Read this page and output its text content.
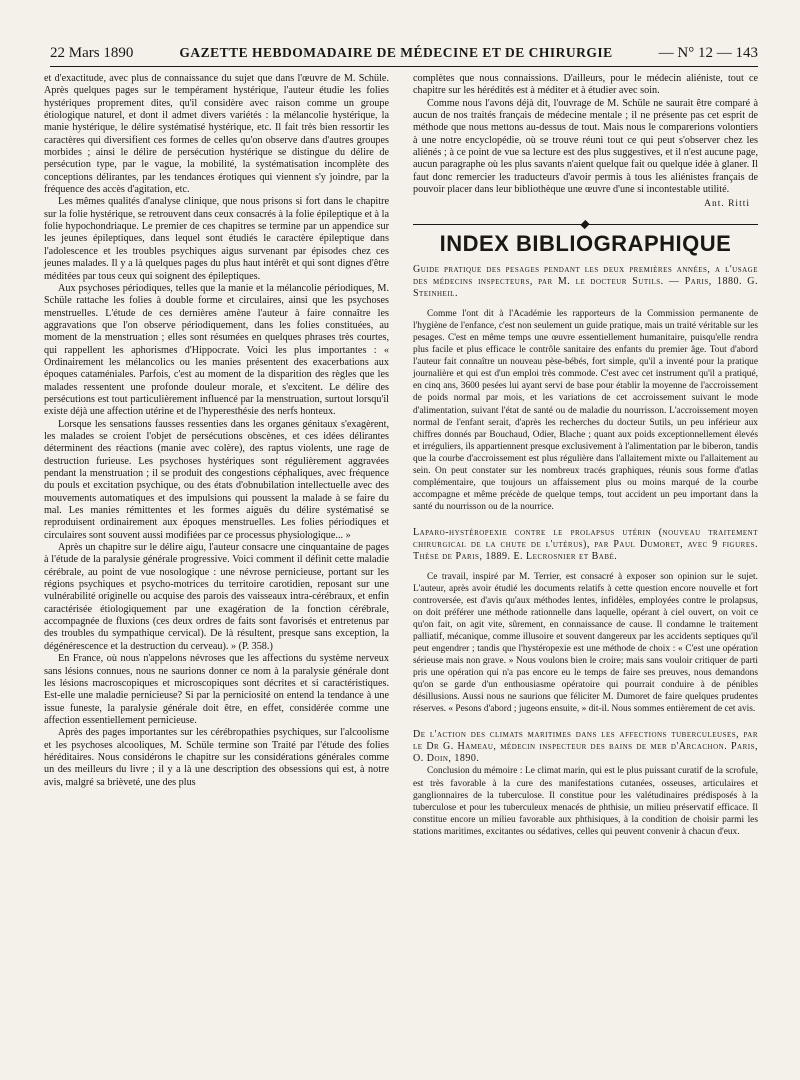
22 Mars 1890	GAZETTE HEBDOMADAIRE DE MÉDECINE ET DE CHIRURGIE	— N° 12 — 143

et d'exactitude, avec plus de connaissance du sujet que dans l'œuvre de M. Schüle. Après quelques pages sur le tempérament hystérique, l'auteur étudie les folies hystériques proprement dites, qu'il considère avec raison comme un groupe étiologique naturel, et dont il admet divers variétés : la mélancolie hystérique, la manie hystérique, le délire systématisé hystérique, etc. Il fait très bien ressortir les caractères qui diversifient ces formes de celles qu'on observe dans d'autres groupes morbides ; ainsi le délire de persécution hystérique se distingue du délire de persécution type, par le vague, la mobilité, la systématisation incomplète des conceptions délirantes, par les tendances érotiques qui viennent s'y joindre, par la fréquence des accès d'agitation, etc.

Les mêmes qualités d'analyse clinique, que nous prisons si fort dans le chapitre sur la folie hystérique, se retrouvent dans ceux consacrés à la folie épileptique et à la folie hypochondriaque. Le premier de ces chapitres se termine par un appendice sur les jeunes épileptiques, dans lequel sont étudiés le caractère épileptique dans l'adolescence et les troubles psychiques aigus survenant par épisodes chez ces jeunes malades. Il y a là quelques pages du plus haut intérêt et qui sont dignes d'être méditées par tous ceux qui soignent des épileptiques.

Aux psychoses périodiques, telles que la manie et la mélancolie périodiques, M. Schüle rattache les folies à double forme et circulaires, ainsi que les psychoses menstruelles. L'étude de ces dernières amène l'auteur à faire connaître les aggravations que l'on observe périodiquement, dans les folies constituées, au moment de la menstruation ; elles sont résumées en quelques phrases très courtes, qui rappellent les aphorismes d'Hippocrate. Voici les plus importantes : « Ordinairement les mélancolics ou les manies présentent des exacerbations aux époques cataméniales. Parfois, c'est au moment de la disparition des règles que les malades ressentent une profonde douleur morale, et s'excitent. Le délire des persécutions est tout particulièrement influencé par la menstruation, surtout lorsqu'il existe déjà une affection utérine et de l'hyperesthésie des nerfs honteux.

Lorsque les sensations fausses ressenties dans les organes génitaux s'exagèrent, les malades se croient l'objet de persécutions obscènes, et ces idées délirantes déterminent des réactions (manie avec colère), des raptus violents, une rage de destruction furieuse. Les psychoses hystériques sont régulièrement aggravées pendant la menstruation ; il se produit des congestions céphaliques, avec fréquence du pouls et excitation psychique, ou des états d'obnubilation intellectuelle avec des mouvements automatiques et des impulsions qui poussent la malade à se faire du mal. Les manies rémittentes et les formes aiguës du délire systématisé se reproduisent ordinairement aux époques menstruelles. Les folies périodiques et circulaires sont souvent aussi modifiées par ce processus physiologique... »

Après un chapitre sur le délire aigu, l'auteur consacre une cinquantaine de pages à l'étude de la paralysie générale progressive. Voici comment il définit cette maladie cérébrale, au point de vue nosologique : une névrose pernicieuse, portant sur les régions psychiques et psycho-motrices du territoire carotidien, reposant sur une vulnérabilité originelle ou acquise des parois des vaisseaux intra-cérébraux, et enfin caractérisée étiologiquement par une exagération de la fonction cérébrale, accompagnée de fluxions (ces deux ordres de faits sont favorisés et entretenus par des troubles du sympathique cervical). De là résultent, presque sans exception, la dégénérescence et la destruction du cerveau). » (P. 358.)

En France, où nous n'appelons névroses que les affections du système nerveux sans lésions connues, nous ne saurions donner ce nom à la paralysie générale dont les lésions macroscopiques et microscopiques sont décrites et si caractéristiques. Est-elle une maladie pernicieuse? Si par la perniciosité on entend la tendance à une issue funeste, la paralysie générale doit être, en effet, considérée comme une affection essentiellement pernicieuse.

Après des pages importantes sur les cérébropathies psychiques, sur l'alcoolisme et les psychoses alcooliques, M. Schüle termine son Traité par l'étude des folies héréditaires. Nous considérons le chapitre sur les considérations générales comme un des meilleurs du livre ; il y a là une description des obsessions qui est, à notre avis, malgré sa brièveté, une des plus

complètes que nous connaissions. D'ailleurs, pour le médecin aliéniste, tout ce chapitre sur les hérédités est à méditer et à étudier avec soin.

Comme nous l'avons déjà dit, l'ouvrage de M. Schüle ne saurait être comparé à aucun de nos traités français de médecine mentale ; il ne présente pas cet esprit de méthode que nous mettons au-dessus de tout. Mais nous le comparerions volontiers à une notre encyclopédie, où se trouve réuni tout ce qui peut s'observer chez les aliénés ; à ce point de vue sa lecture est des plus suggestives, et il n'est aucune page, aucun paragraphe où les plus savants n'aient quelque fait ou quelque idée à glaner. Il faut donc remercier les traducteurs d'avoir permis à tous les aliénistes français de pouvoir placer dans leur bibliothèque une œuvre d'une si incontestable utilité.

Ant. Ritti
INDEX BIBLIOGRAPHIQUE

Guide pratique des pesages pendant les deux premières années, a l'usage des médecins inspecteurs, par M. le docteur Sutils. — Paris, 1880. G. Steinheil.

Comme l'ont dit à l'Académie les rapporteurs de la Commission permanente de l'hygiène de l'enfance, c'est non seulement un guide pratique, mais un traité véritable sur les pesages. C'est en même temps une œuvre essentiellement humanitaire, puisqu'elle rendra plus facile et plus efficace le contrôle sanitaire des enfants du premier âge. Tout d'abord l'auteur fait connaître un nouveau pèse-bébés, fort simple, qu'il a inventé pour la pratique journalière et qui est d'un emploi très commode. C'est avec cet instrument qu'il a pratiqué, en cinq ans, 3600 pesées lui ayant servi de base pour établir la moyenne de l'accroissement de poids normal par mois, et les variations de cet accroissement suivant le mode d'alimentation, suivant l'état de santé ou de maladie du nourrisson. L'accroissement moyen normal de l'enfant serait, d'après les recherches du docteur Sutils, un peu inférieur aux chiffres donnés par Bouchaud, Odier, Blache ; quant aux poids exceptionnellement élevés et irréguliers, ils appartiennent presque exclusivement à l'alimentation par le biberon, tandis que la courbe d'accroissement est plus régulière dans l'allaitement mixte ou l'allaitement au sein. On peut constater sur les nombreux tracés graphiques, réunis sous forme d'atlas complémentaire, que toujours un affaissement plus ou moins marqué de la courbe accompagne et même précède de quelque temps, tout accident un peu important dans la santé du nourrisson ou de la nourrice.

Laparo-hystéropexie contre le prolapsus utérin (nouveau traitement chirurgical de la chute de l'utérus), par Paul Dumoret, avec 9 figures. Thèse de Paris, 1889. E. Lecrosnier et Babé.

Ce travail, inspiré par M. Terrier, est consacré à exposer son opinion sur le sujet. L'auteur, après avoir étudié les documents relatifs à cette question encore nouvelle et fort controversée, est d'avis qu'aux méthodes lentes, infidèles, employées contre le prolapsus, on doit préférer une méthode rationnelle dans laquelle, opérant à ciel ouvert, on voit ce qu'on fait, on agit vite, sûrement, en connaissance de cause. Il condamne le traitement palliatif, mécanique, comme illusoire et souvent dangereux par les accidents septiques qu'il peut engendrer ; tandis que l'hystéropexie est une méthode de choix : « C'est une opération sérieuse mais non grave. » Nous voulons bien le croire; mais sans vouloir critiquer de parti pris une opération qui n'a pas encore eu le temps de faire ses preuves, nous demandons qu'on se garde d'un enthousiasme opératoire qui pourrait conduire à de pénibles désillusions. Aussi nous ne saurions que féliciter M. Dumoret de faire quelques prudentes réserves. « Pesons d'abord ; jugeons ensuite, » dit-il. Nous sommes entièrement de cet avis.

De l'action des climats maritimes dans les affections tuberculeuses, par le Dr G. Hameau, médecin inspecteur des bains de mer d'Arcachon. Paris, O. Doin, 1890.

Conclusion du mémoire : Le climat marin, qui est le plus puissant curatif de la scrofule, est très favorable à la cure des manifestations cutanées, osseuses, articulaires et ganglionnaires de la tuberculose. Il constitue pour les valétudinaires prédisposés à la tuberculose et pour les tuberculeux menacés de phthisie, un milieu préservatif efficace. Il constitue encore un milieu favorable aux phthisiques, à la condition de choisir parmi les stations maritimes, excitantes ou sédatives, celles qui peuvent convenir à chacun d'eux.
